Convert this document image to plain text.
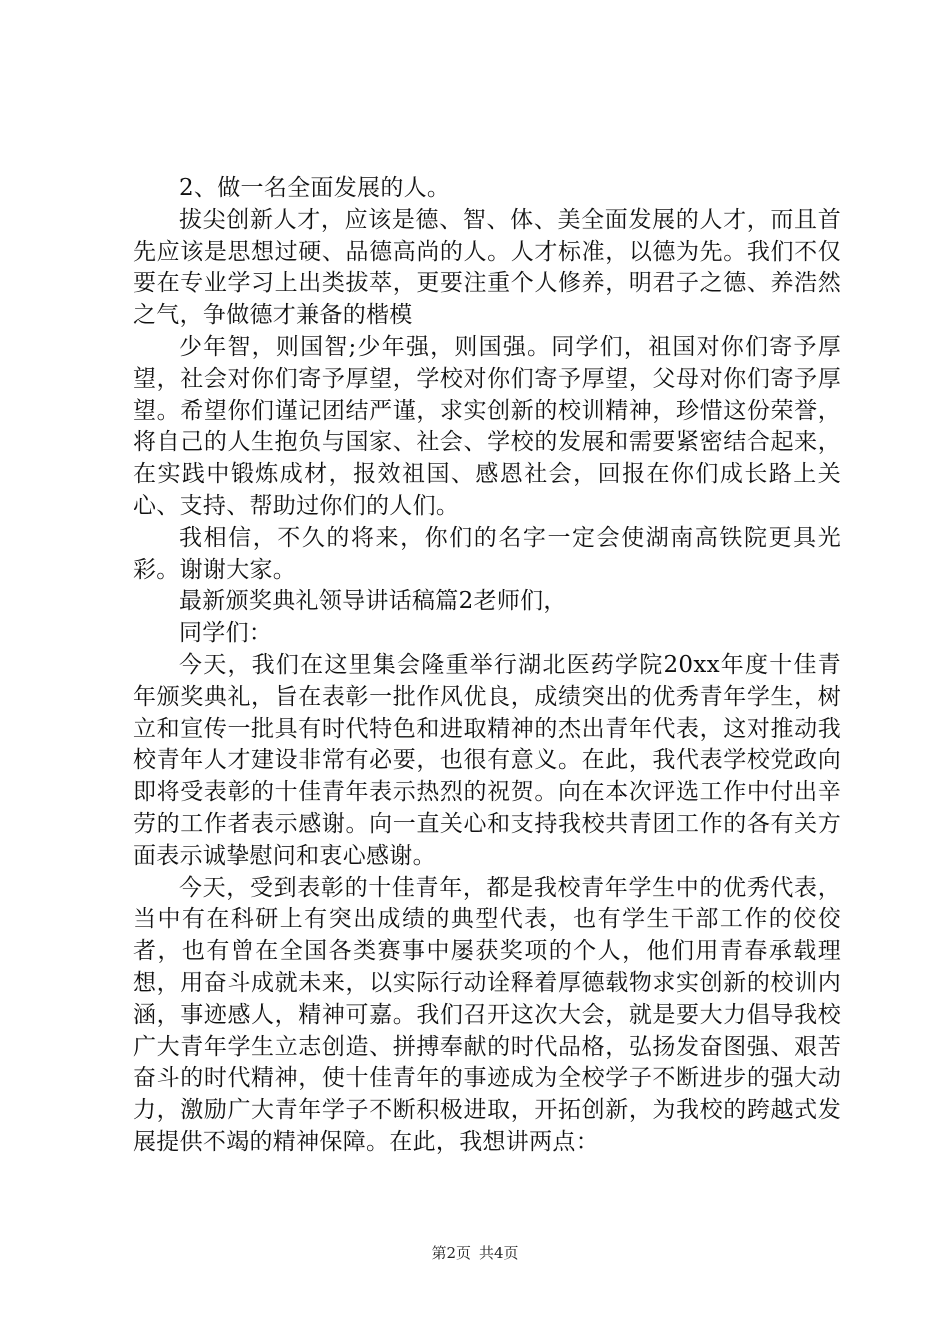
2、做一名全面发展的人。

拔尖创新人才，应该是德、智、体、美全面发展的人才，而且首先应该是思想过硬、品德高尚的人。人才标准，以德为先。我们不仅要在专业学习上出类拔萃，更要注重个人修养，明君子之德、养浩然之气，争做德才兼备的楷模

少年智，则国智;少年强，则国强。同学们，祖国对你们寄予厚望，社会对你们寄予厚望，学校对你们寄予厚望，父母对你们寄予厚望。希望你们谨记团结严谨，求实创新的校训精神，珍惜这份荣誉，将自己的人生抱负与国家、社会、学校的发展和需要紧密结合起来，在实践中锻炼成材，报效祖国、感恩社会，回报在你们成长路上关心、支持、帮助过你们的人们。

我相信，不久的将来，你们的名字一定会使湖南高铁院更具光彩。谢谢大家。

最新颁奖典礼领导讲话稿篇2老师们，

同学们：

今天，我们在这里集会隆重举行湖北医药学院20xx年度十佳青年颁奖典礼，旨在表彰一批作风优良，成绩突出的优秀青年学生，树立和宣传一批具有时代特色和进取精神的杰出青年代表，这对推动我校青年人才建设非常有必要，也很有意义。在此，我代表学校党政向即将受表彰的十佳青年表示热烈的祝贺。向在本次评选工作中付出辛劳的工作者表示感谢。向一直关心和支持我校共青团工作的各有关方面表示诚挚慰问和衷心感谢。

今天，受到表彰的十佳青年，都是我校青年学生中的优秀代表，当中有在科研上有突出成绩的典型代表，也有学生干部工作的佼佼者，也有曾在全国各类赛事中屡获奖项的个人，他们用青春承载理想，用奋斗成就未来，以实际行动诠释着厚德载物求实创新的校训内涵，事迹感人，精神可嘉。我们召开这次大会，就是要大力倡导我校广大青年学生立志创造、拼搏奉献的时代品格，弘扬发奋图强、艰苦奋斗的时代精神，使十佳青年的事迹成为全校学子不断进步的强大动力，激励广大青年学子不断积极进取，开拓创新，为我校的跨越式发展提供不竭的精神保障。在此，我想讲两点：

第2页 共4页
